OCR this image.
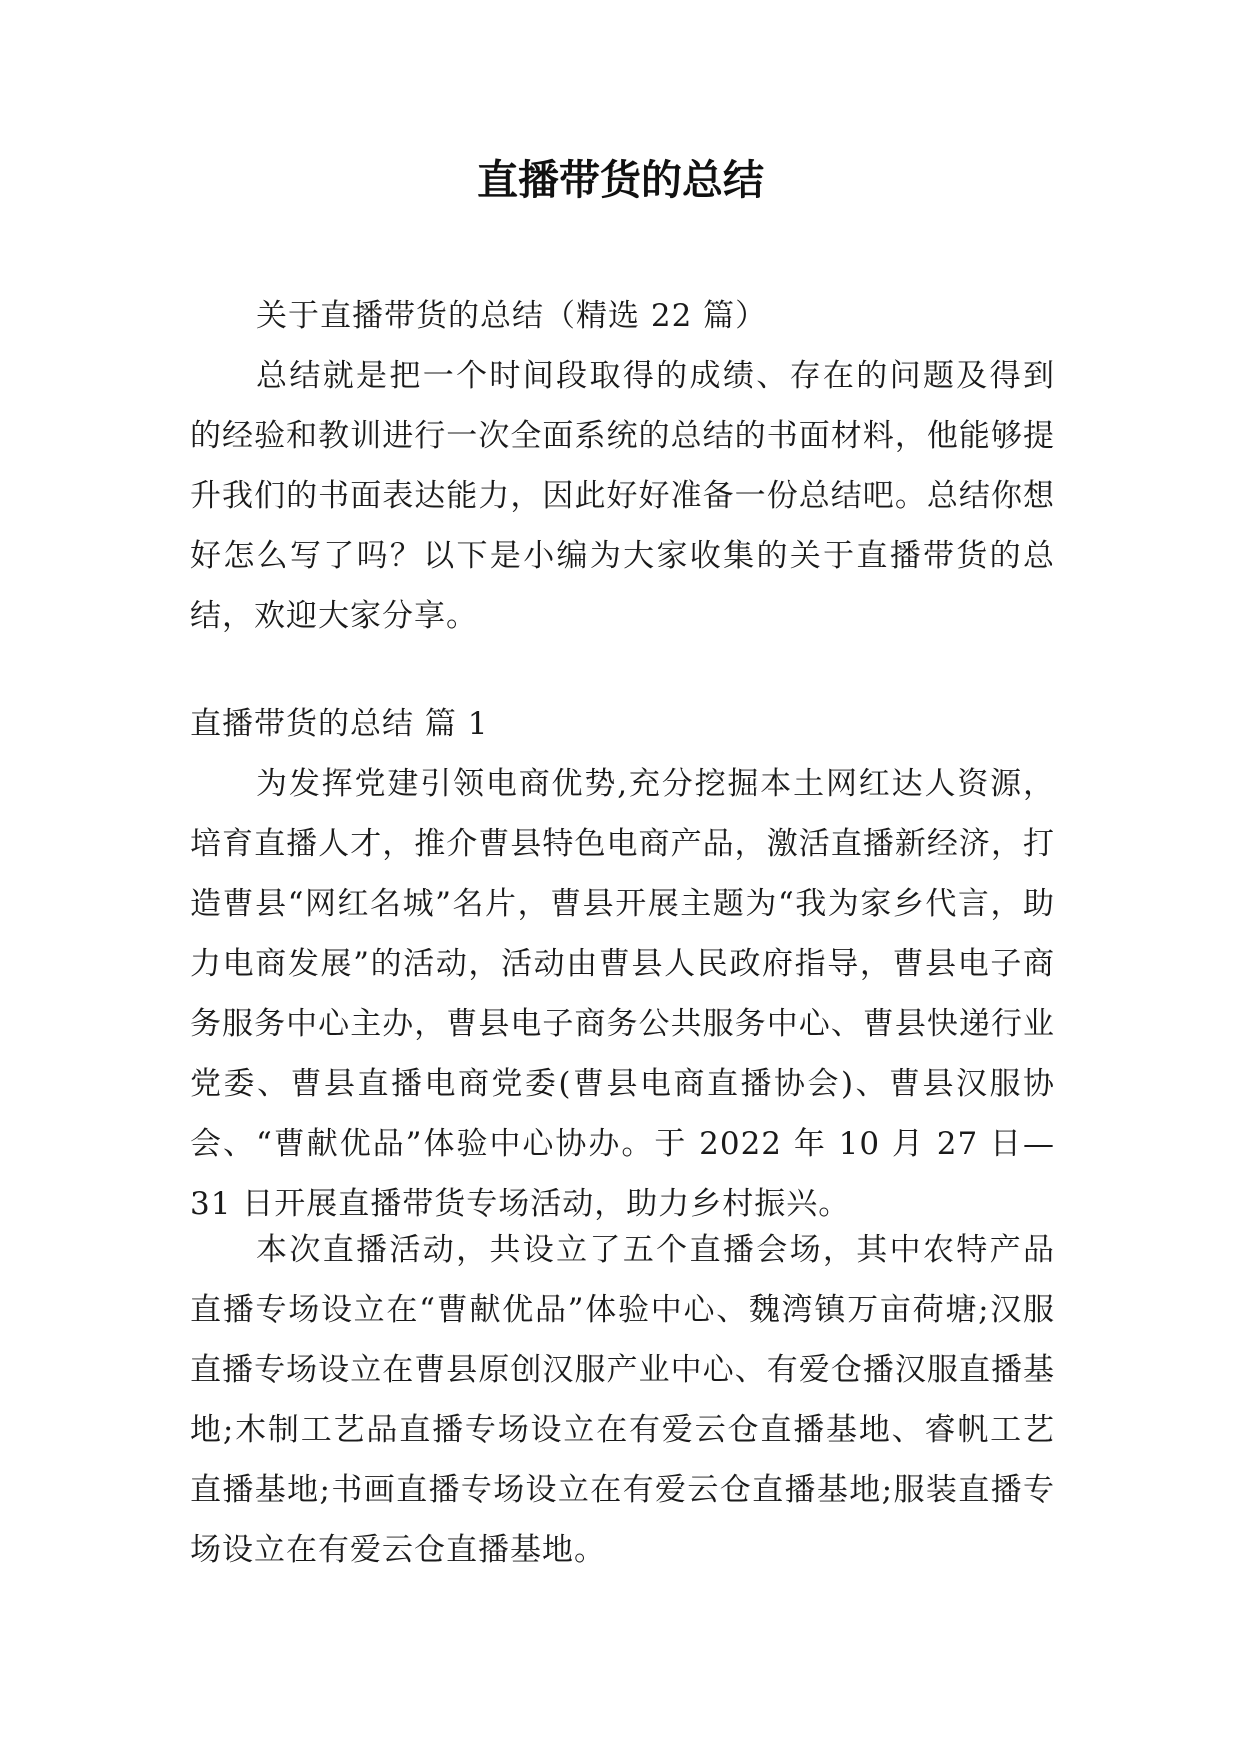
直播带货的总结

关于直播带货的总结（精选 22 篇）

总结就是把一个时间段取得的成绩、存在的问题及得到的经验和教训进行一次全面系统的总结的书面材料，他能够提升我们的书面表达能力，因此好好准备一份总结吧。总结你想好怎么写了吗？以下是小编为大家收集的关于直播带货的总结，欢迎大家分享。

直播带货的总结 篇 1

为发挥党建引领电商优势,充分挖掘本土网红达人资源，培育直播人才，推介曹县特色电商产品，激活直播新经济，打造曹县“网红名城”名片，曹县开展主题为“我为家乡代言，助力电商发展”的活动，活动由曹县人民政府指导，曹县电子商务服务中心主办，曹县电子商务公共服务中心、曹县快递行业党委、曹县直播电商党委(曹县电商直播协会)、曹县汉服协会、“曹献优品”体验中心协办。于 2022 年 10 月 27 日—31 日开展直播带货专场活动，助力乡村振兴。

本次直播活动，共设立了五个直播会场，其中农特产品直播专场设立在“曹献优品”体验中心、魏湾镇万亩荷塘;汉服直播专场设立在曹县原创汉服产业中心、有爱仓播汉服直播基地;木制工艺品直播专场设立在有爱云仓直播基地、睿帆工艺直播基地;书画直播专场设立在有爱云仓直播基地;服装直播专场设立在有爱云仓直播基地。
